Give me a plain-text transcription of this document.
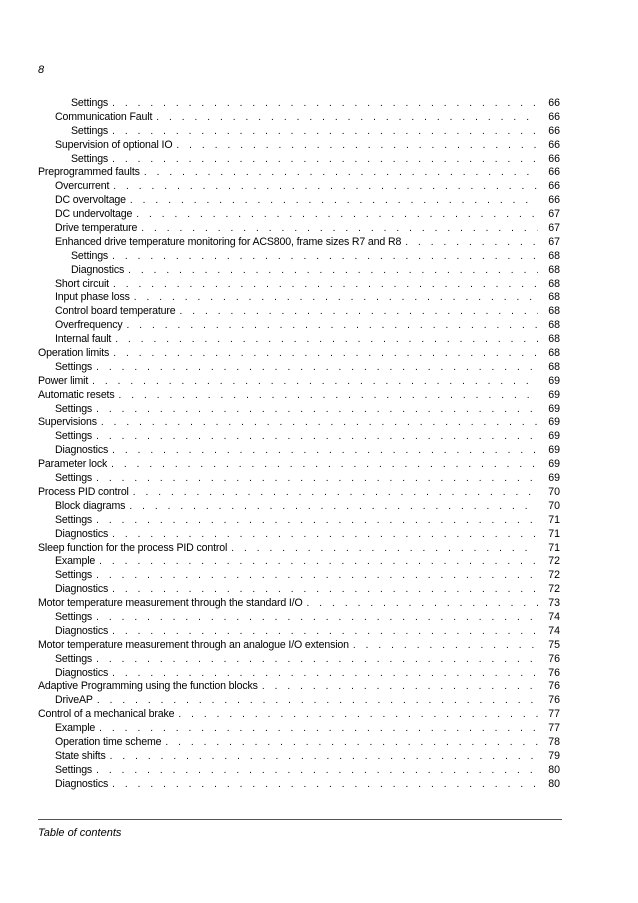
8
Settings . . .	66
Communication Fault . . .	66
Settings . . .	66
Supervision of optional IO . . .	66
Settings . . .	66
Preprogrammed faults . . .	66
Overcurrent . . .	66
DC overvoltage . . .	66
DC undervoltage . . .	67
Drive temperature . . .	67
Enhanced drive temperature monitoring for ACS800, frame sizes R7 and R8 . . .	67
Settings . . .	68
Diagnostics . . .	68
Short circuit . . .	68
Input phase loss . . .	68
Control board temperature . . .	68
Overfrequency . . .	68
Internal fault . . .	68
Operation limits . . .	68
Settings . . .	68
Power limit . . .	69
Automatic resets . . .	69
Settings . . .	69
Supervisions . . .	69
Settings . . .	69
Diagnostics . . .	69
Parameter lock . . .	69
Settings . . .	69
Process PID control . . .	70
Block diagrams . . .	70
Settings . . .	71
Diagnostics . . .	71
Sleep function for the process PID control . . .	71
Example . . .	72
Settings . . .	72
Diagnostics . . .	72
Motor temperature measurement through the standard I/O . . .	73
Settings . . .	74
Diagnostics . . .	74
Motor temperature measurement through an analogue I/O extension . . .	75
Settings . . .	76
Diagnostics . . .	76
Adaptive Programming using the function blocks . . .	76
DriveAP . . .	76
Control of a mechanical brake . . .	77
Example . . .	77
Operation time scheme . . .	78
State shifts . . .	79
Settings . . .	80
Diagnostics . . .	80
Table of contents
